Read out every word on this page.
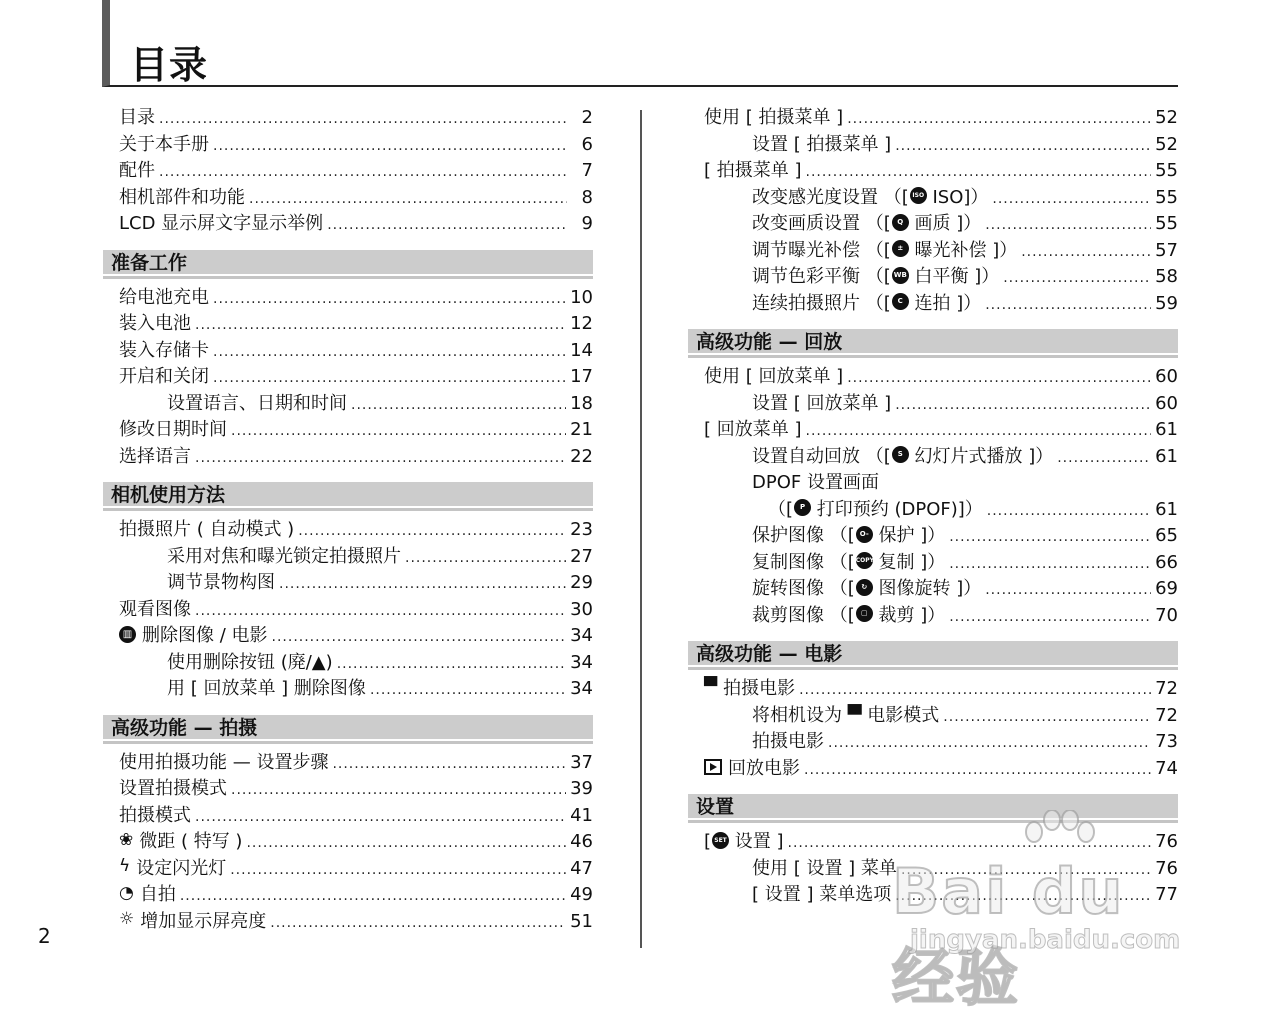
目录
目录 .....	2
关于本手册 .....	6
配件 .....	7
相机部件和功能 .....	8
LCD 显示屏文字显示举例 .....	9
准备工作
给电池充电 .....	10
装入电池 .....	12
装入存储卡 .....	14
开启和关闭 .....	17
设置语言、日期和时间 .....	18
修改日期时间 .....	21
选择语言 .....	22
相机使用方法
拍摄照片 ( 自动模式 ) .....	23
采用对焦和曝光锁定拍摄照片 .....	27
调节景物构图 .....	29
观看图像 .....	30
▥ 删除图像 / 电影 .....	34
使用删除按钮 (廃/▲) .....	34
用 [ 回放菜单 ] 删除图像 .....	34
高级功能 — 拍摄
使用拍摄功能 — 设置步骤 .....	37
设置拍摄模式 .....	39
拍摄模式 .....	41
❀ 微距 ( 特写 ) .....	46
ϟ 设定闪光灯 .....	47
◔ 自拍 .....	49
☼ 增加显示屏亮度 .....	51
使用 [ 拍摄菜单 ] .....	52
设置 [ 拍摄菜单 ] .....	52
[ 拍摄菜单 ] .....	55
改变感光度设置 （[ ISO ISO]） .....	55
改变画质设置 （[ Q 画质 ]） .....	55
调节曝光补偿 （[ ± 曝光补偿 ]） .....	57
调节色彩平衡 （[ WB 白平衡 ]） .....	58
连续拍摄照片 （[ C 连拍 ]） .....	59
高级功能 — 回放
使用 [ 回放菜单 ] .....	60
设置 [ 回放菜单 ] .....	60
[ 回放菜单 ] .....	61
设置自动回放 （[ S 幻灯片式播放 ]） .....	61
DPOF 设置画面
（[ P 打印预约 (DPOF)]） .....	61
保护图像 （[ O- 保护 ]） .....	65
复制图像 （[COPY 复制 ]） .....	66
旋转图像 （[ ↻ 图像旋转 ]） .....	69
裁剪图像 （[ ▢ 裁剪 ]） .....	70
高级功能 — 电影
▀ 拍摄电影 .....	72
将相机设为 ▀ 电影模式 .....	72
拍摄电影 .....	73
回放电影 .....	74
设置
[ SET 设置 ] .....	76
使用 [ 设置 ] 菜单 .....	76
[ 设置 ] 菜单选项 .....	77
2
Bai du 经验
jingyan.baidu.com
